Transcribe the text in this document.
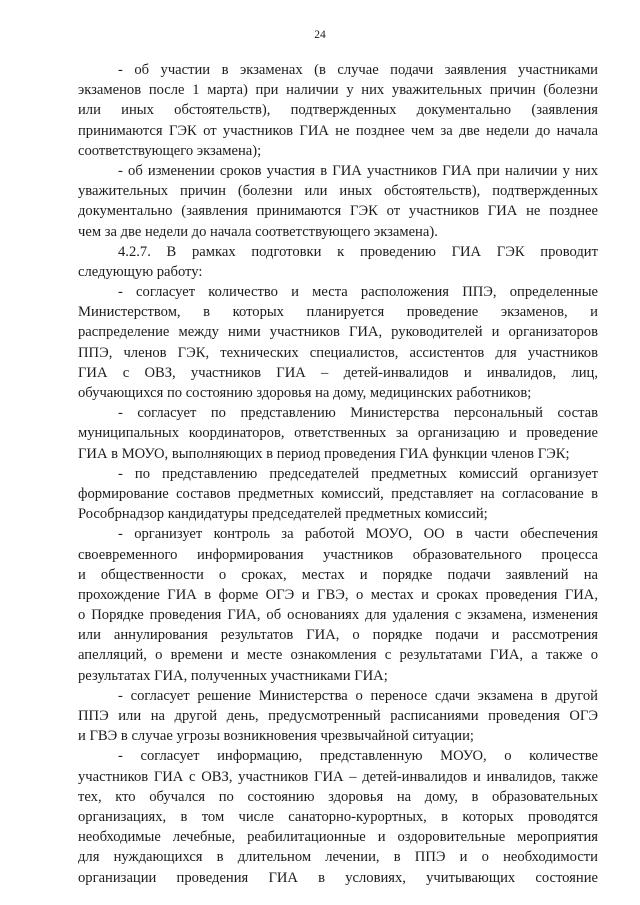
24
- об участии в экзаменах (в случае подачи заявления участниками
экзаменов после 1 марта) при наличии у них уважительных причин (болезни
или иных обстоятельств), подтвержденных документально (заявления
принимаются ГЭК от участников ГИА не позднее чем за две недели до начала
соответствующего экзамена);
- об изменении сроков участия в ГИА участников ГИА при наличии у них
уважительных причин (болезни или иных обстоятельств), подтвержденных
документально (заявления принимаются ГЭК от участников ГИА не позднее
чем за две недели до начала соответствующего экзамена).
4.2.7. В рамках подготовки к проведению ГИА ГЭК проводит
следующую работу:
- согласует количество и места расположения ППЭ, определенные
Министерством, в которых планируется проведение экзаменов, и
распределение между ними участников ГИА, руководителей и организаторов
ППЭ, членов ГЭК, технических специалистов, ассистентов для участников
ГИА с ОВЗ, участников ГИА – детей-инвалидов и инвалидов, лиц,
обучающихся по состоянию здоровья на дому, медицинских работников;
- согласует по представлению Министерства персональный состав
муниципальных координаторов, ответственных за организацию и проведение
ГИА в МОУО, выполняющих в период проведения ГИА функции членов ГЭК;
- по представлению председателей предметных комиссий организует
формирование составов предметных комиссий, представляет на согласование в
Рособрнадзор кандидатуры председателей предметных комиссий;
- организует контроль за работой МОУО, ОО в части обеспечения
своевременного информирования участников образовательного процесса
и общественности о сроках, местах и порядке подачи заявлений на
прохождение ГИА в форме ОГЭ и ГВЭ, о местах и сроках проведения ГИА,
о Порядке проведения ГИА, об основаниях для удаления с экзамена, изменения
или аннулирования результатов ГИА, о порядке подачи и рассмотрения
апелляций, о времени и месте ознакомления с результатами ГИА, а также о
результатах ГИА, полученных участниками ГИА;
- согласует решение Министерства о переносе сдачи экзамена в другой
ППЭ или на другой день, предусмотренный расписаниями проведения ОГЭ
и ГВЭ в случае угрозы возникновения чрезвычайной ситуации;
- согласует информацию, представленную МОУО, о количестве
участников ГИА с ОВЗ, участников ГИА – детей-инвалидов и инвалидов, также
тех, кто обучался по состоянию здоровья на дому, в образовательных
организациях, в том числе санаторно-курортных, в которых проводятся
необходимые лечебные, реабилитационные и оздоровительные мероприятия
для нуждающихся в длительном лечении, в ППЭ и о необходимости
организации проведения ГИА в условиях, учитывающих состояние
